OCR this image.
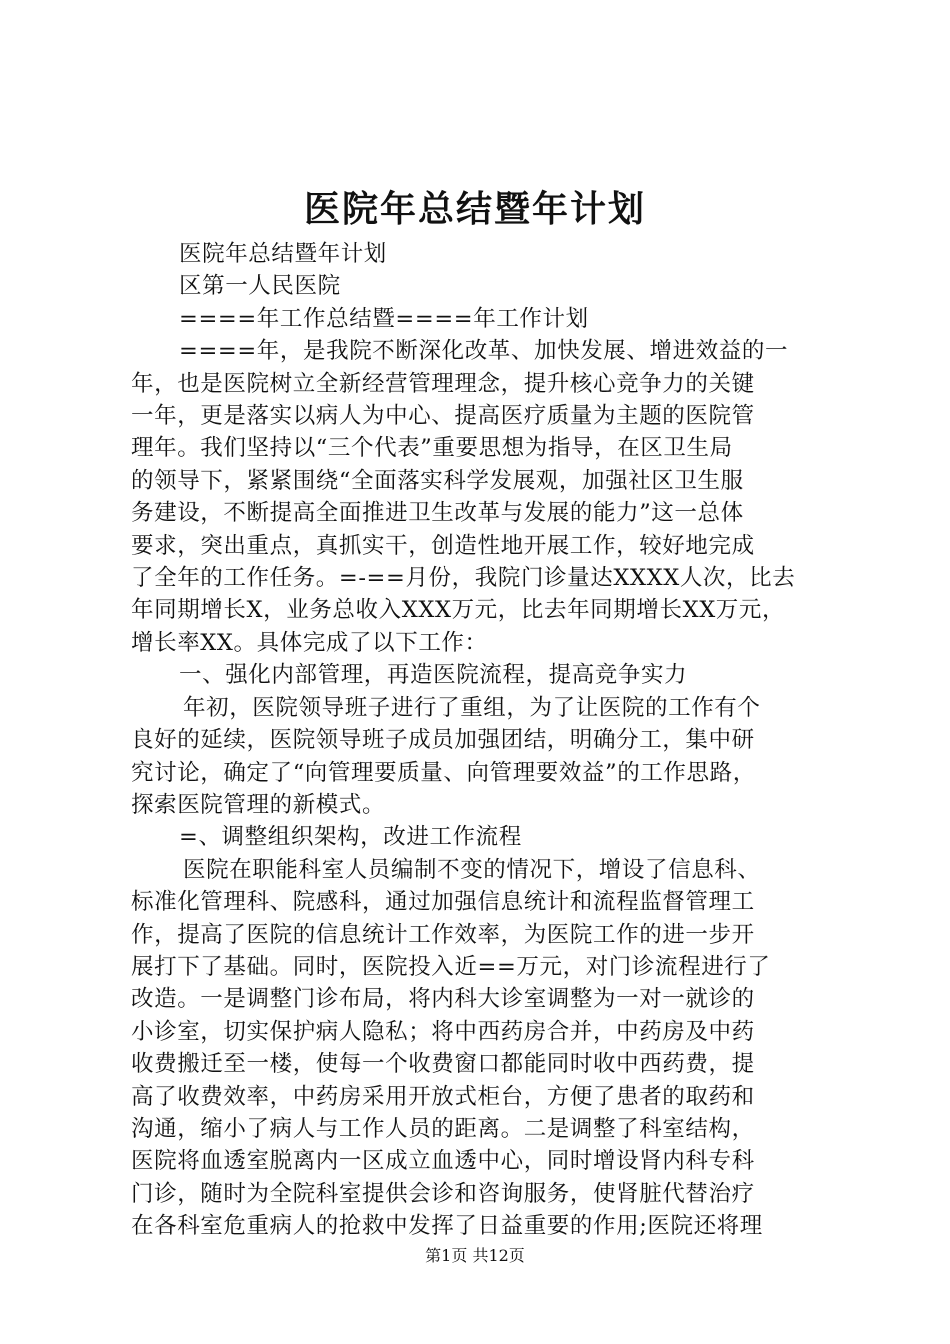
医院年总结暨年计划
医院年总结暨年计划
区第一人民医院
====年工作总结暨====年工作计划
====年，是我院不断深化改革、加快发展、增进效益的一
年，也是医院树立全新经营管理理念，提升核心竞争力的关键
一年，更是落实以病人为中心、提高医疗质量为主题的医院管
理年。我们坚持以“三个代表”重要思想为指导，在区卫生局
的领导下，紧紧围绕“全面落实科学发展观，加强社区卫生服
务建设，不断提高全面推进卫生改革与发展的能力”这一总体
要求，突出重点，真抓实干，创造性地开展工作，较好地完成
了全年的工作任务。=-==月份，我院门诊量达XXXX人次，比去
年同期增长X，业务总收入XXX万元，比去年同期增长XX万元，
增长率XX。具体完成了以下工作：
一、强化内部管理，再造医院流程，提高竞争实力
年初，医院领导班子进行了重组，为了让医院的工作有个
良好的延续，医院领导班子成员加强团结，明确分工，集中研
究讨论，确定了“向管理要质量、向管理要效益”的工作思路，
探索医院管理的新模式。
=、调整组织架构，改进工作流程
医院在职能科室人员编制不变的情况下，增设了信息科、
标准化管理科、院感科，通过加强信息统计和流程监督管理工
作，提高了医院的信息统计工作效率，为医院工作的进一步开
展打下了基础。同时，医院投入近==万元，对门诊流程进行了
改造。一是调整门诊布局，将内科大诊室调整为一对一就诊的
小诊室，切实保护病人隐私；将中西药房合并，中药房及中药
收费搬迁至一楼，使每一个收费窗口都能同时收中西药费，提
高了收费效率，中药房采用开放式柜台，方便了患者的取药和
沟通，缩小了病人与工作人员的距离。二是调整了科室结构，
医院将血透室脱离内一区成立血透中心，同时增设肾内科专科
门诊，随时为全院科室提供会诊和咨询服务，使肾脏代替治疗
在各科室危重病人的抢救中发挥了日益重要的作用;医院还将理
第1页 共12页
